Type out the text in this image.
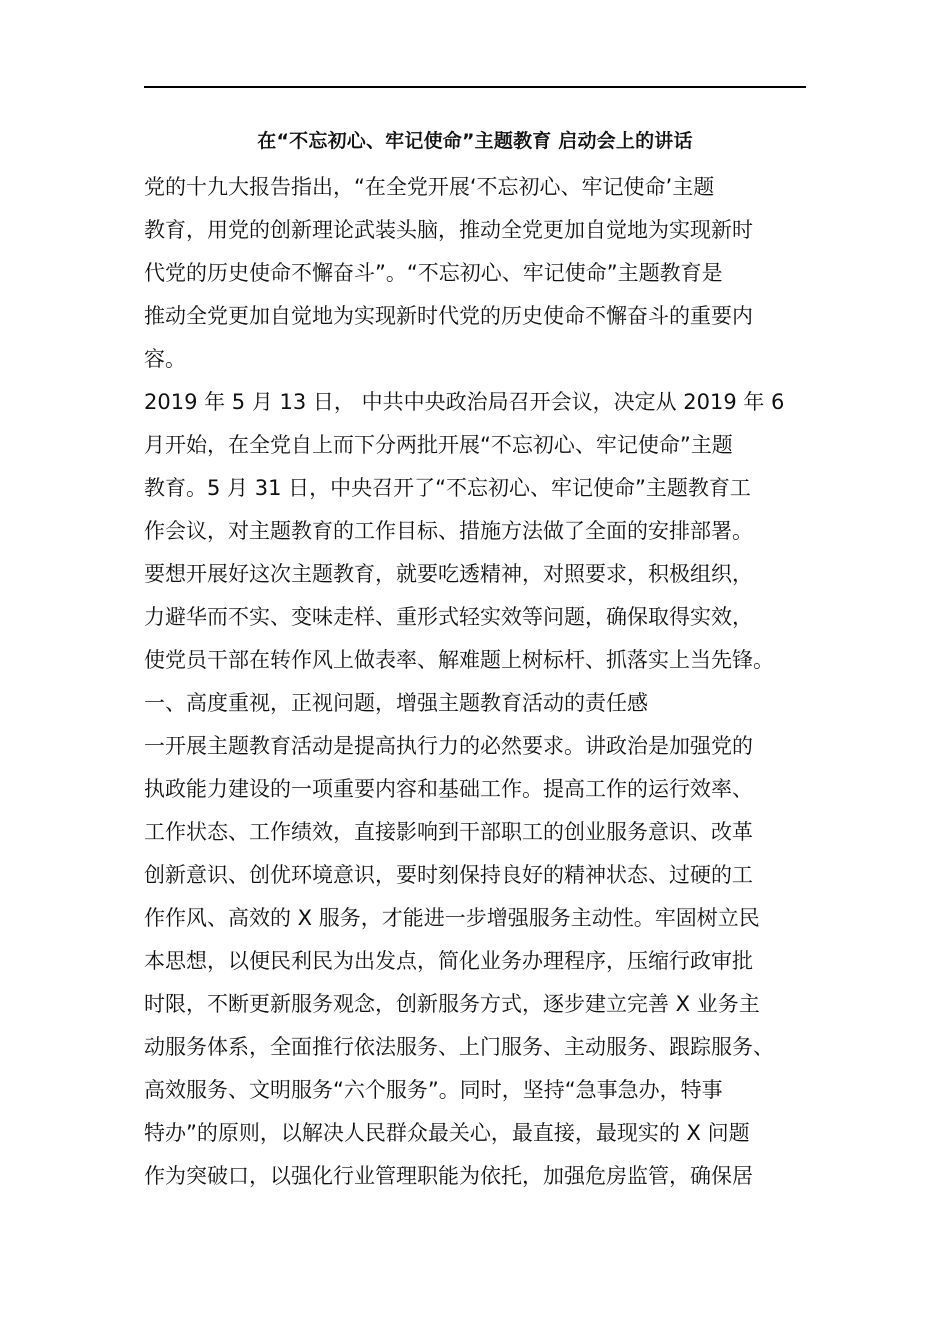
在“不忘初心、牢记使命”主题教育 启动会上的讲话
党的十九大报告指出，“在全党开展‘不忘初心、牢记使命’主题
教育，用党的创新理论武装头脑，推动全党更加自觉地为实现新时
代党的历史使命不懈奋斗”。“不忘初心、牢记使命”主题教育是
推动全党更加自觉地为实现新时代党的历史使命不懈奋斗的重要内
容。
2019 年 5 月 13 日， 中共中央政治局召开会议，决定从 2019 年 6
月开始，在全党自上而下分两批开展“不忘初心、牢记使命”主题
教育。5 月 31 日，中央召开了“不忘初心、牢记使命”主题教育工
作会议，对主题教育的工作目标、措施方法做了全面的安排部署。
要想开展好这次主题教育，就要吃透精神，对照要求，积极组织，
力避华而不实、变味走样、重形式轻实效等问题，确保取得实效，
使党员干部在转作风上做表率、解难题上树标杆、抓落实上当先锋。
一、高度重视，正视问题，增强主题教育活动的责任感
一开展主题教育活动是提高执行力的必然要求。讲政治是加强党的
执政能力建设的一项重要内容和基础工作。提高工作的运行效率、
工作状态、工作绩效，直接影响到干部职工的创业服务意识、改革
创新意识、创优环境意识，要时刻保持良好的精神状态、过硬的工
作作风、高效的 X 服务，才能进一步增强服务主动性。牢固树立民
本思想，以便民利民为出发点，简化业务办理程序，压缩行政审批
时限，不断更新服务观念，创新服务方式，逐步建立完善 X 业务主
动服务体系，全面推行依法服务、上门服务、主动服务、跟踪服务、
高效服务、文明服务“六个服务”。同时，坚持“急事急办，特事
特办”的原则，以解决人民群众最关心，最直接，最现实的 X 问题
作为突破口，以强化行业管理职能为依托，加强危房监管，确保居
